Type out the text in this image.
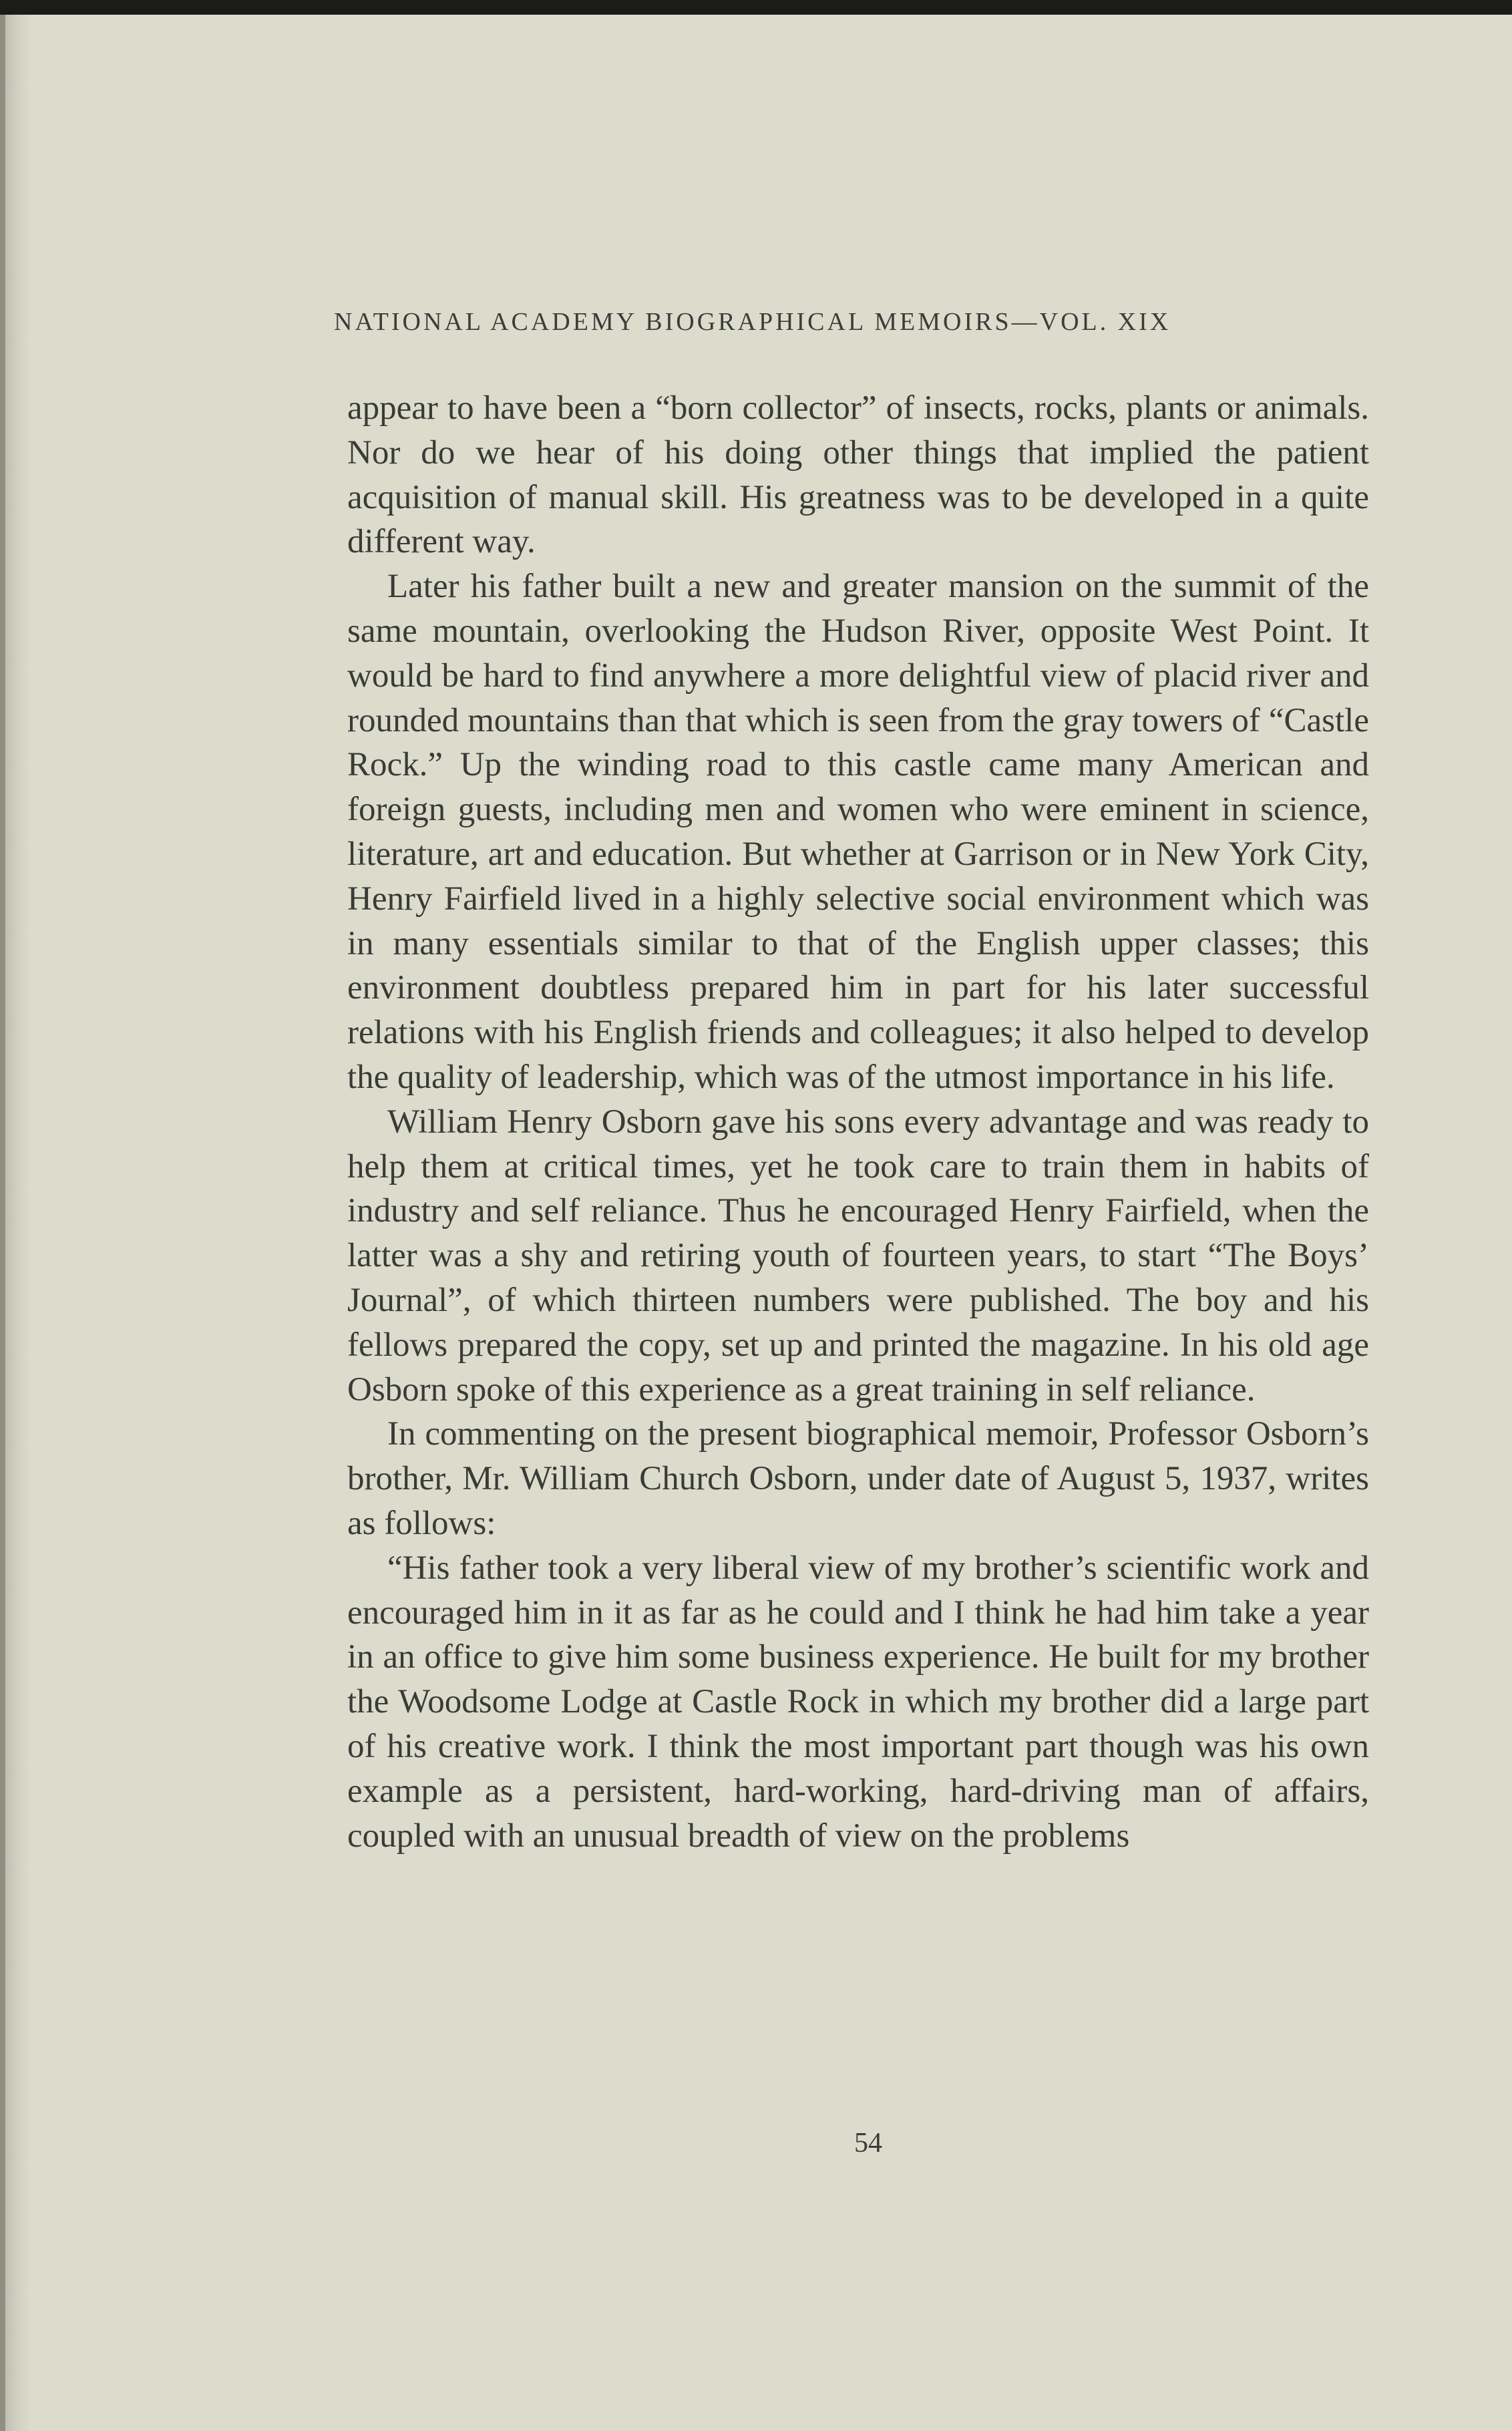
NATIONAL ACADEMY BIOGRAPHICAL MEMOIRS—VOL. XIX

appear to have been a “born collector” of insects, rocks, plants or animals. Nor do we hear of his doing other things that implied the patient acquisition of manual skill. His greatness was to be developed in a quite different way.

Later his father built a new and greater mansion on the summit of the same mountain, overlooking the Hudson River, opposite West Point. It would be hard to find anywhere a more delightful view of placid river and rounded mountains than that which is seen from the gray towers of “Castle Rock.” Up the winding road to this castle came many American and foreign guests, including men and women who were eminent in science, literature, art and education. But whether at Garrison or in New York City, Henry Fairfield lived in a highly selective social environment which was in many essentials similar to that of the English upper classes; this environment doubtless prepared him in part for his later successful relations with his English friends and colleagues; it also helped to develop the quality of leadership, which was of the utmost importance in his life.

William Henry Osborn gave his sons every advantage and was ready to help them at critical times, yet he took care to train them in habits of industry and self reliance. Thus he encouraged Henry Fairfield, when the latter was a shy and retiring youth of fourteen years, to start “The Boys’ Journal”, of which thirteen numbers were published. The boy and his fellows prepared the copy, set up and printed the magazine. In his old age Osborn spoke of this experience as a great training in self reliance.

In commenting on the present biographical memoir, Professor Osborn’s brother, Mr. William Church Osborn, under date of August 5, 1937, writes as follows:

“His father took a very liberal view of my brother’s scientific work and encouraged him in it as far as he could and I think he had him take a year in an office to give him some business experience. He built for my brother the Woodsome Lodge at Castle Rock in which my brother did a large part of his creative work. I think the most important part though was his own example as a persistent, hard-working, hard-driving man of affairs, coupled with an unusual breadth of view on the problems

54
